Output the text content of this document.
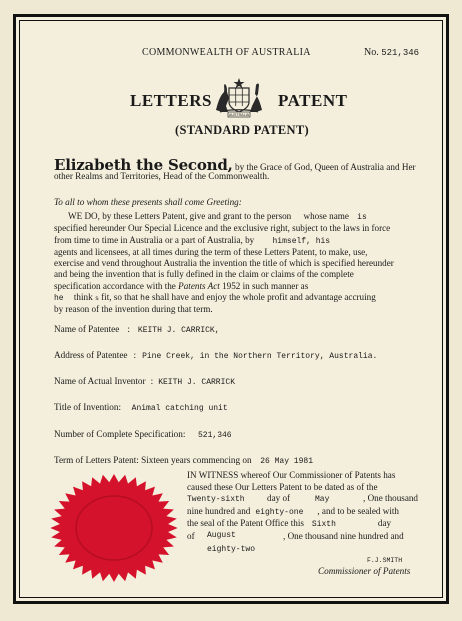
COMMONWEALTH OF AUSTRALIA	No. 521,346
LETTERS
AUSTRALIA
PATENT
(STANDARD PATENT)
Elizabeth the Second, by the Grace of God, Queen of Australia and Her
other Realms and Territories, Head of the Commonwealth.
To all to whom these presents shall come Greeting:
WE DO, by these Letters Patent, give and grant to the person whose name is
specified hereunder Our Special Licence and the exclusive right, subject to the laws in force
from time to time in Australia or a part of Australia, by himself, his
agents and licensees, at all times during the term of these Letters Patent, to make, use,
exercise and vend throughout Australia the invention the title of which is specified hereunder
and being the invention that is fully defined in the claim or claims of the complete
specification accordance with the Patents Act 1952 in such manner as
he think s fit, so that he shall have and enjoy the whole profit and advantage accruing
by reason of the invention during that term.
Name of Patentee : KEITH J. CARRICK,
Address of Patentee : Pine Creek, in the Northern Territory, Australia.
Name of Actual Inventor : KEITH J. CARRICK
Title of Invention: Animal catching unit
Number of Complete Specification: 521,346
Term of Letters Patent: Sixteen years commencing on 26 May 1981
IN WITNESS whereof Our Commissioner of Patents has
caused these Our Letters Patent to be dated as of the
Twenty-sixth day of	May	, One thousand
nine hundred and eighty-one , and to be sealed with
the seal of the Patent Office this Sixth	day
of August	, One thousand nine hundred and
eighty-two
F.J.SMITH
Commissioner of Patents
